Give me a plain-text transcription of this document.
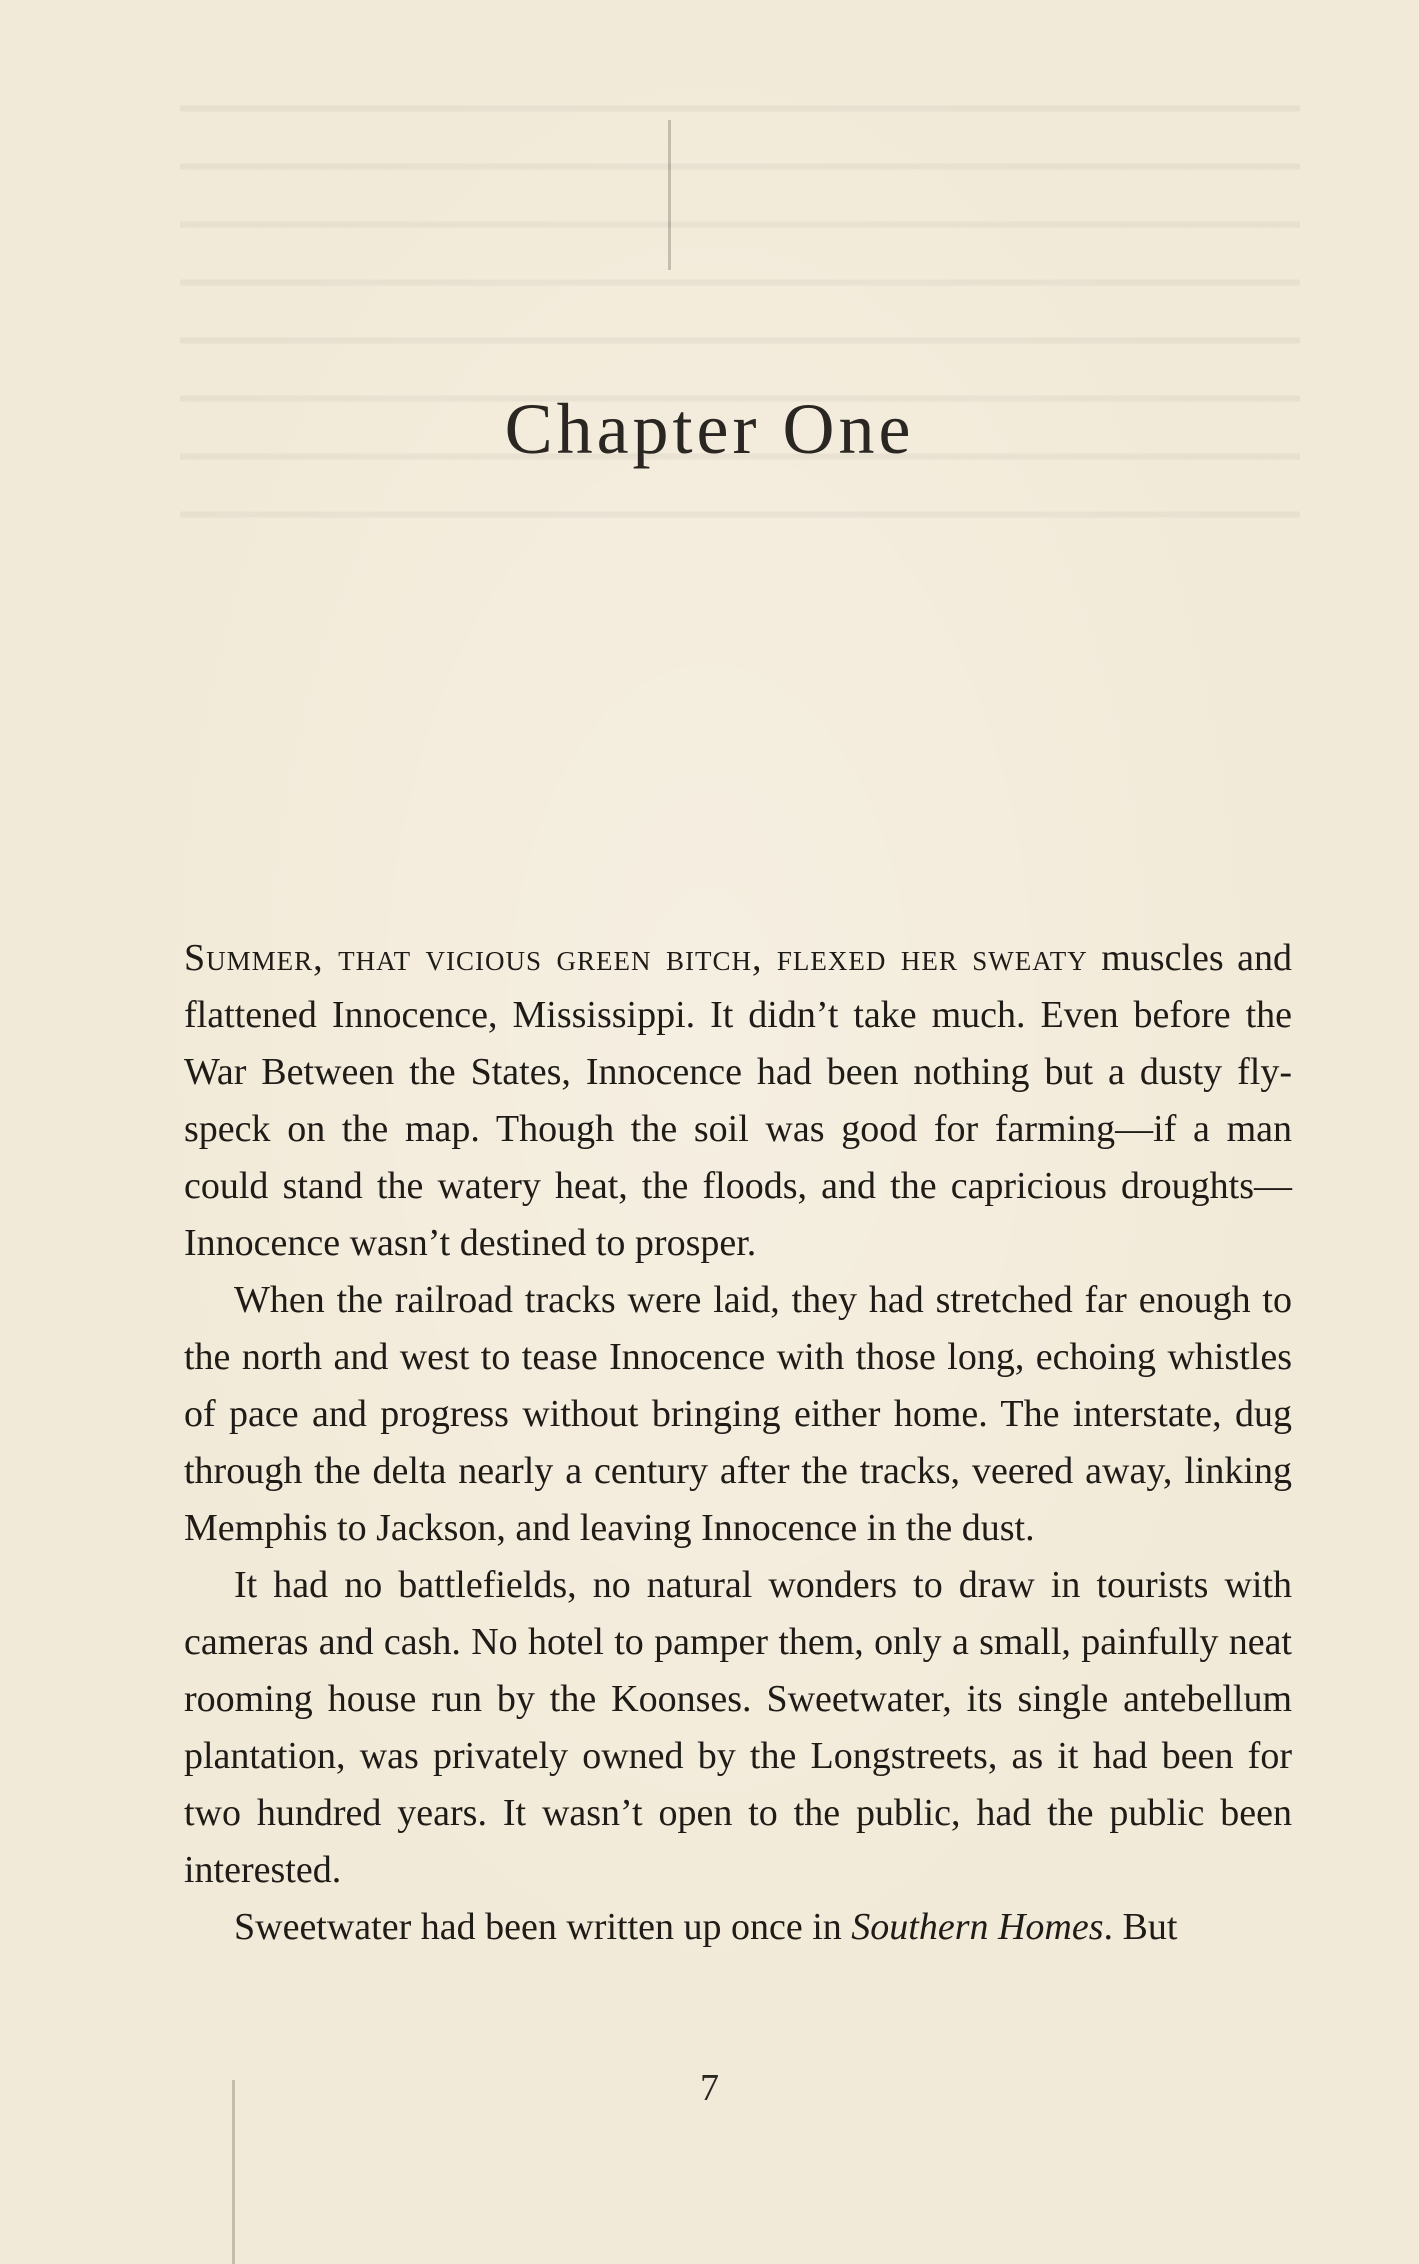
Chapter One

Summer, that vicious green bitch, flexed her sweaty muscles and flattened Innocence, Mississippi. It didn’t take much. Even before the War Between the States, Innocence had been nothing but a dusty fly-speck on the map. Though the soil was good for farming—if a man could stand the watery heat, the floods, and the capricious droughts—Innocence wasn’t destined to prosper.

When the railroad tracks were laid, they had stretched far enough to the north and west to tease Innocence with those long, echoing whistles of pace and progress without bringing either home. The interstate, dug through the delta nearly a century after the tracks, veered away, linking Memphis to Jackson, and leaving Innocence in the dust.

It had no battlefields, no natural wonders to draw in tourists with cameras and cash. No hotel to pamper them, only a small, painfully neat rooming house run by the Koonses. Sweetwater, its single antebellum plantation, was privately owned by the Longstreets, as it had been for two hundred years. It wasn’t open to the public, had the public been interested.

Sweetwater had been written up once in Southern Homes. But

7
